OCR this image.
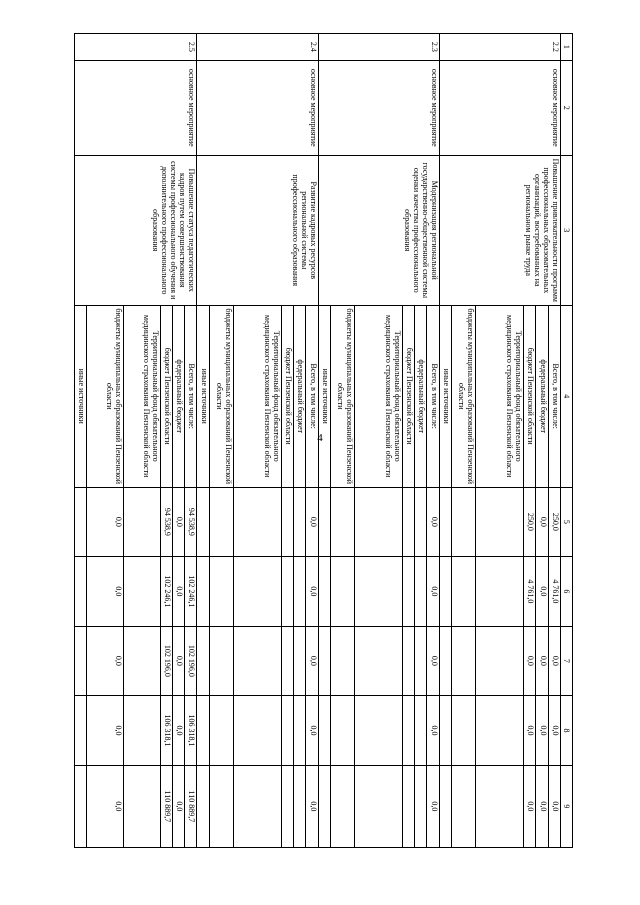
4
1	2	3	4	5	6	7	8	9
2.2	основное мероприятие	Повышение привлекательности программ профессиональных образовательных организаций, востребованных на региональном рынке труда	Всего, в том числе:	250,0	4 761,0	0,0	0,0	0,0
			федеральный бюджет	0,0	0,0	0,0	0,0	0,0
			бюджет Пензенской области	250,0	4 761,0	0,0	0,0	0,0
			Территориальный фонд обязательного медицинского страхования Пензенской области					
			бюджеты муниципальных образований Пензенской области					
			иные источники					
2.3	основное мероприятие	Модернизация региональной государственно-общественной системы оценки качества профессионального образования	Всего, в том числе:	0,0	0,0	0,0	0,0	0,0
			федеральный бюджет					
			бюджет Пензенской области					
			Территориальный фонд обязательного медицинского страхования Пензенской области					
			бюджеты муниципальных образований Пензенской области					
			иные источники					
2.4	основное мероприятие	Развитие кадровых ресурсов региональной системы профессионального образования	Всего, в том числе:	0,0	0,0	0,0	0,0	0,0
			федеральный бюджет					
			бюджет Пензенской области					
			Территориальный фонд обязательного медицинского страхования Пензенской области					
			бюджеты муниципальных образований Пензенской области					
			иные источники					
2.5	основное мероприятие	Повышение статуса педагогических кадров путем совершенствования системы профессионального обучения и дополнительного профессионального образования	Всего, в том числе:	94 538,9	102 246,1	102 196,0	106 318,1	110 889,7
			федеральный бюджет	0,0	0,0	0,0	0,0	0,0
			бюджет Пензенской области	94 538,9	102 246,1	102 196,0	106 318,1	110 889,7
			Территориальный фонд обязательного медицинского страхования Пензенской области					
			бюджеты муниципальных образований Пензенской области	0,0	0,0	0,0	0,0	0,0
			иные источники					
